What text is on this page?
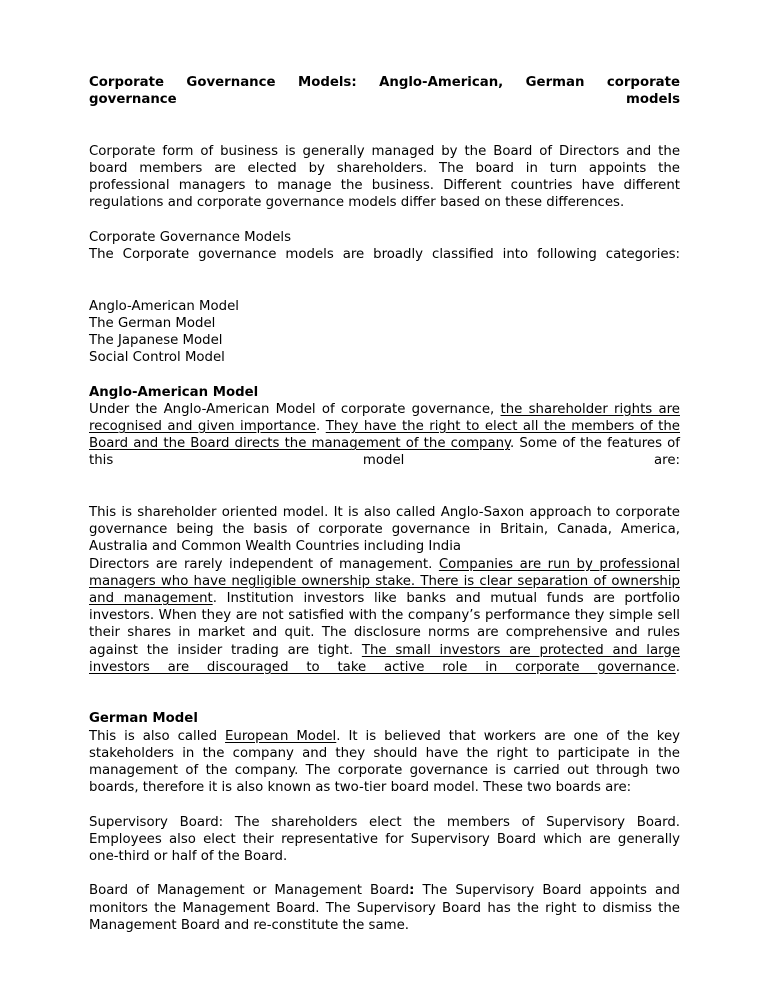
Corporate Governance Models: Anglo-American, German corporate governance models

Corporate form of business is generally managed by the Board of Directors and the board members are elected by shareholders. The board in turn appoints the professional managers to manage the business. Different countries have different regulations and corporate governance models differ based on these differences.

Corporate Governance Models

The Corporate governance models are broadly classified into following categories:

Anglo-American Model

The German Model

The Japanese Model

Social Control Model

Anglo-American Model

Under the Anglo-American Model of corporate governance, the shareholder rights are recognised and given importance. They have the right to elect all the members of the Board and the Board directs the management of the company. Some of the features of this model are:

This is shareholder oriented model. It is also called Anglo-Saxon approach to corporate governance being the basis of corporate governance in Britain, Canada, America, Australia and Common Wealth Countries including India

Directors are rarely independent of management. Companies are run by professional managers who have negligible ownership stake. There is clear separation of ownership and management. Institution investors like banks and mutual funds are portfolio investors. When they are not satisfied with the company’s performance they simple sell their shares in market and quit. The disclosure norms are comprehensive and rules against the insider trading are tight. The small investors are protected and large investors are discouraged to take active role in corporate governance.

German Model

This is also called European Model. It is believed that workers are one of the key stakeholders in the company and they should have the right to participate in the management of the company. The corporate governance is carried out through two boards, therefore it is also known as two-tier board model. These two boards are:

Supervisory Board: The shareholders elect the members of Supervisory Board. Employees also elect their representative for Supervisory Board which are generally one-third or half of the Board.

Board of Management or Management Board: The Supervisory Board appoints and monitors the Management Board. The Supervisory Board has the right to dismiss the Management Board and re-constitute the same.
